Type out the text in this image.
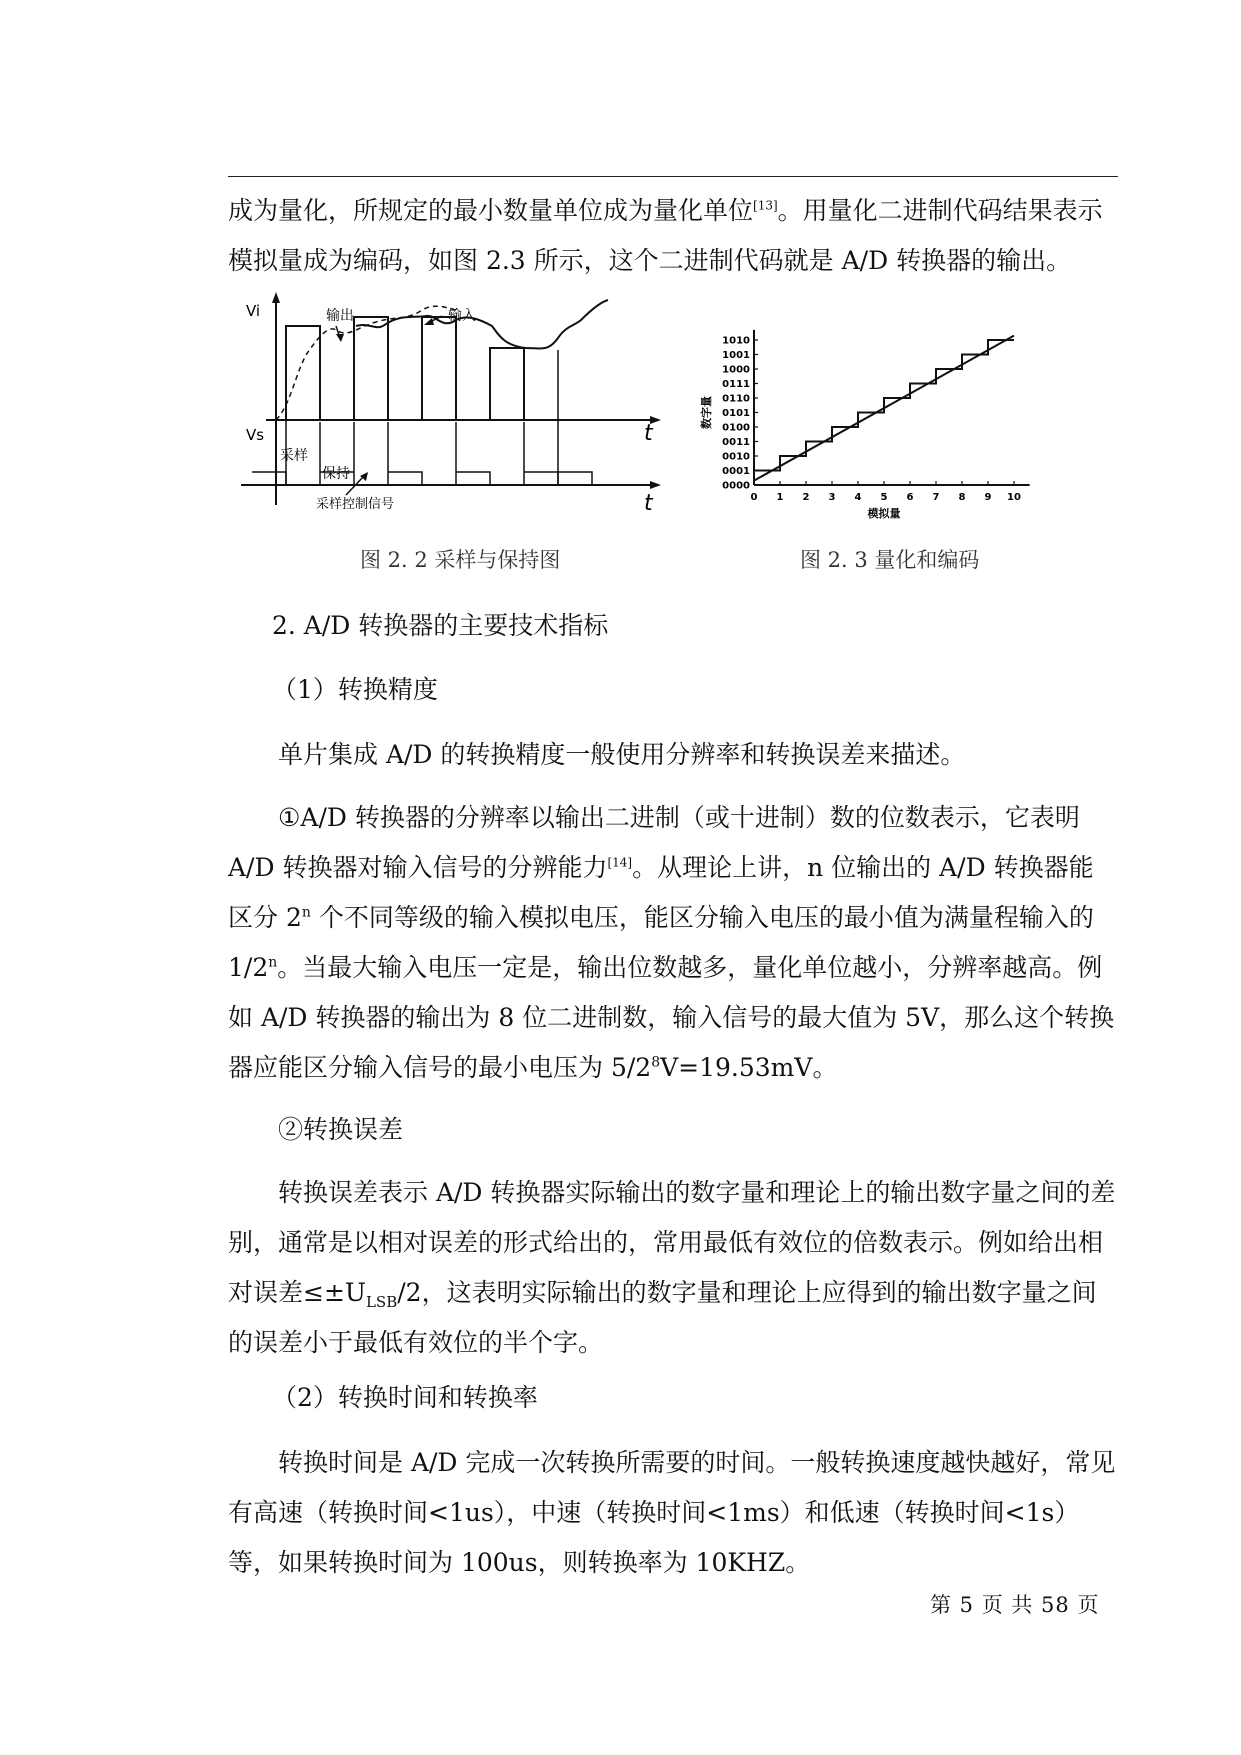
成为量化，所规定的最小数量单位成为量化单位[13]。用量化二进制代码结果表示模拟量成为编码，如图 2.3 所示，这个二进制代码就是 A/D 转换器的输出。

Vi
Vs	t
t
输出	输入
采样
保持
采样控制信号	0 1 2 3 4 5 6 7 8 9 10
0000
0001
0010
0011
0100
0101
0110
0111
1000
1001
1010
模拟量
数字量
图 2. 2 采样与保持图	图 2. 3 量化和编码

2. A/D 转换器的主要技术指标

（1）转换精度

单片集成 A/D 的转换精度一般使用分辨率和转换误差来描述。

①A/D 转换器的分辨率以输出二进制（或十进制）数的位数表示，它表明 A/D 转换器对输入信号的分辨能力[14]。从理论上讲，n 位输出的 A/D 转换器能区分 2$^n$ 个不同等级的输入模拟电压，能区分输入电压的最小值为满量程输入的 1/2$^n$。当最大输入电压一定是，输出位数越多，量化单位越小，分辨率越高。例如 A/D 转换器的输出为 8 位二进制数，输入信号的最大值为 5V，那么这个转换器应能区分输入信号的最小电压为 $5/2^8V=19.53mV$。

②转换误差

转换误差表示 A/D 转换器实际输出的数字量和理论上的输出数字量之间的差别，通常是以相对误差的形式给出的，常用最低有效位的倍数表示。例如给出相对误差$\le\pm U_{LSB}/2$，这表明实际输出的数字量和理论上应得到的输出数字量之间的误差小于最低有效位的半个字。

（2）转换时间和转换率

转换时间是 A/D 完成一次转换所需要的时间。一般转换速度越快越好，常见有高速（转换时间<1us），中速（转换时间<1ms）和低速（转换时间<1s）等，如果转换时间为 100us，则转换率为 10KHZ。

第 5 页 共 58 页
